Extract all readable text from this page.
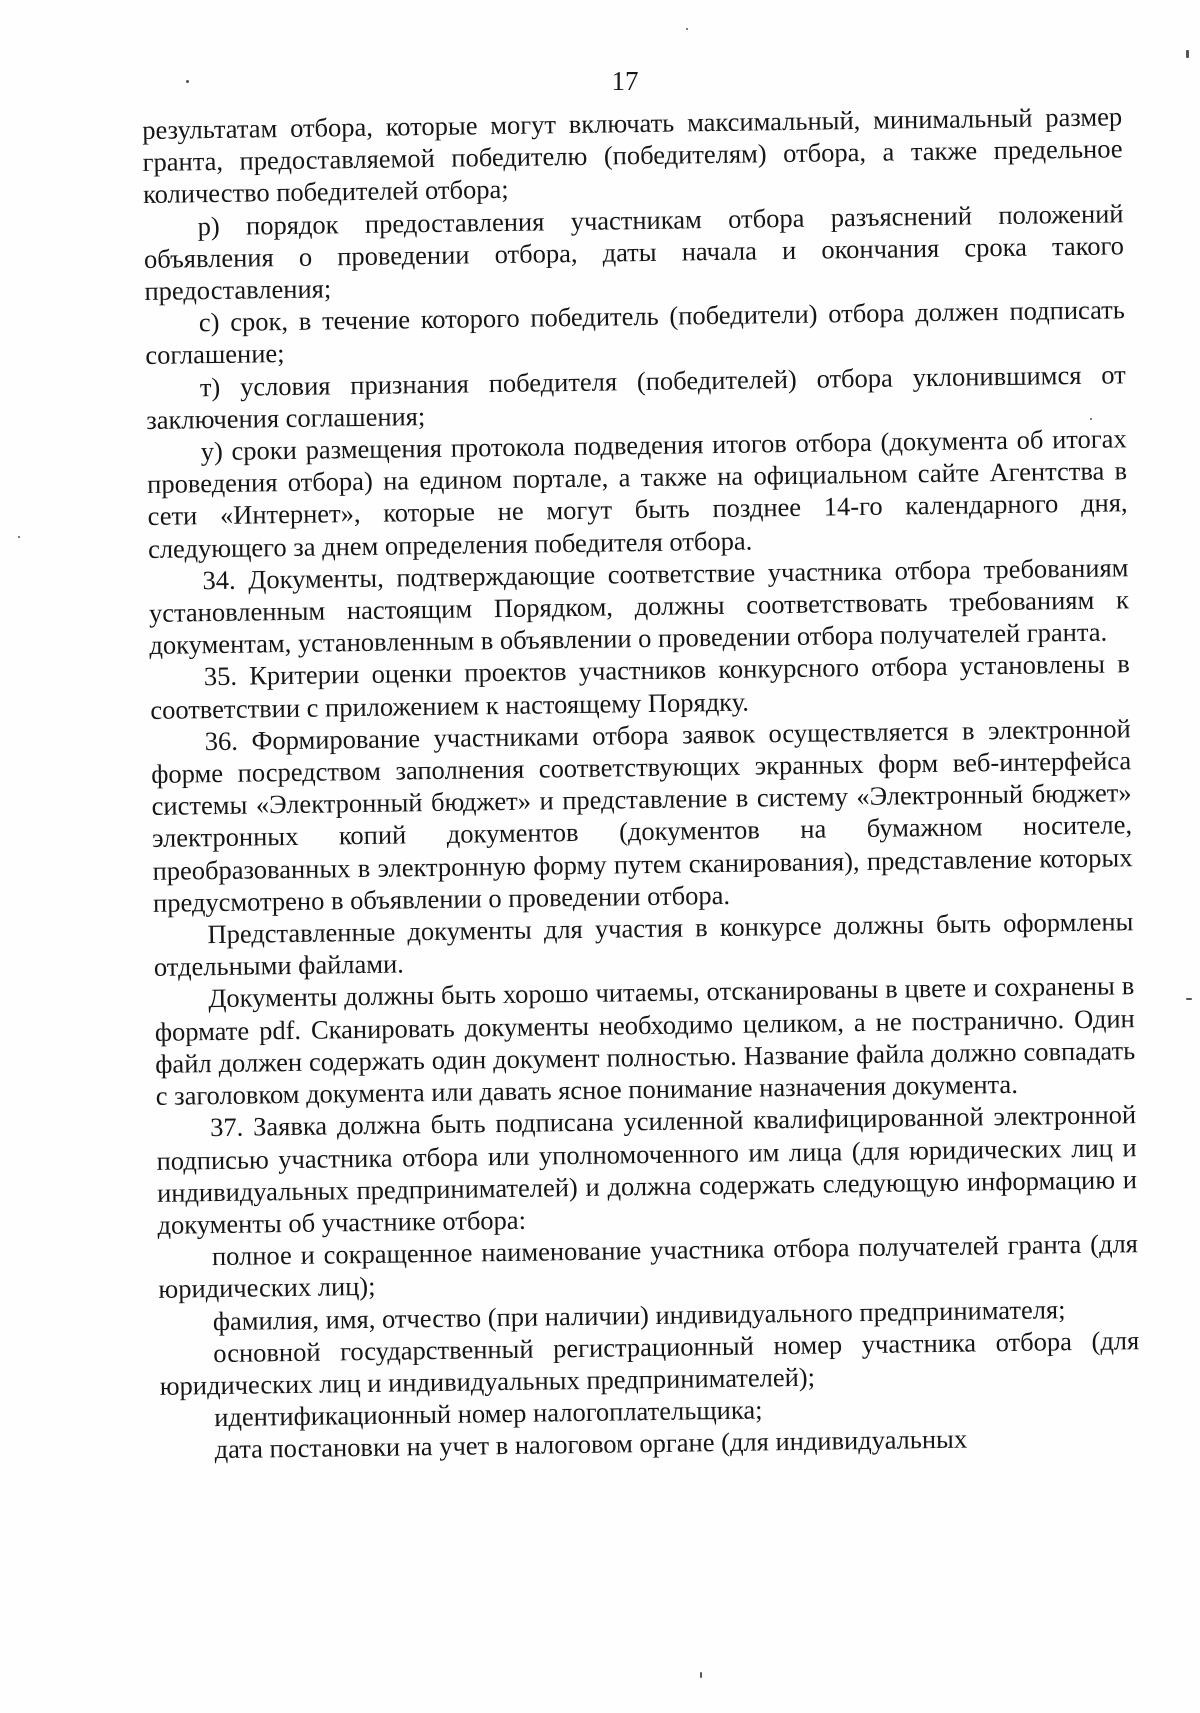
17

результатам отбора, которые могут включать максимальный, минимальный размер гранта, предоставляемой победителю (победителям) отбора, а также предельное количество победителей отбора;

р) порядок предоставления участникам отбора разъяснений положений объявления о проведении отбора, даты начала и окончания срока такого предоставления;

с) срок, в течение которого победитель (победители) отбора должен подписать соглашение;

т) условия признания победителя (победителей) отбора уклонившимся от заключения соглашения;

у) сроки размещения протокола подведения итогов отбора (документа об итогах проведения отбора) на едином портале, а также на официальном сайте Агентства в сети «Интернет», которые не могут быть позднее 14-го календарного дня, следующего за днем определения победителя отбора.

34. Документы, подтверждающие соответствие участника отбора требованиям установленным настоящим Порядком, должны соответствовать требованиям к документам, установленным в объявлении о проведении отбора получателей гранта.

35. Критерии оценки проектов участников конкурсного отбора установлены в соответствии с приложением к настоящему Порядку.

36. Формирование участниками отбора заявок осуществляется в электронной форме посредством заполнения соответствующих экранных форм веб-интерфейса системы «Электронный бюджет» и представление в систему «Электронный бюджет» электронных копий документов (документов на бумажном носителе, преобразованных в электронную форму путем сканирования), представление которых предусмотрено в объявлении о проведении отбора.

Представленные документы для участия в конкурсе должны быть оформлены отдельными файлами.

Документы должны быть хорошо читаемы, отсканированы в цвете и сохранены в формате pdf. Сканировать документы необходимо целиком, а не постранично. Один файл должен содержать один документ полностью. Название файла должно совпадать с заголовком документа или давать ясное понимание назначения документа.

37. Заявка должна быть подписана усиленной квалифицированной электронной подписью участника отбора или уполномоченного им лица (для юридических лиц и индивидуальных предпринимателей) и должна содержать следующую информацию и документы об участнике отбора:

полное и сокращенное наименование участника отбора получателей гранта (для юридических лиц);

фамилия, имя, отчество (при наличии) индивидуального предпринимателя;

основной государственный регистрационный номер участника отбора (для юридических лиц и индивидуальных предпринимателей);

идентификационный номер налогоплательщика;

дата постановки на учет в налоговом органе (для индивидуальных
